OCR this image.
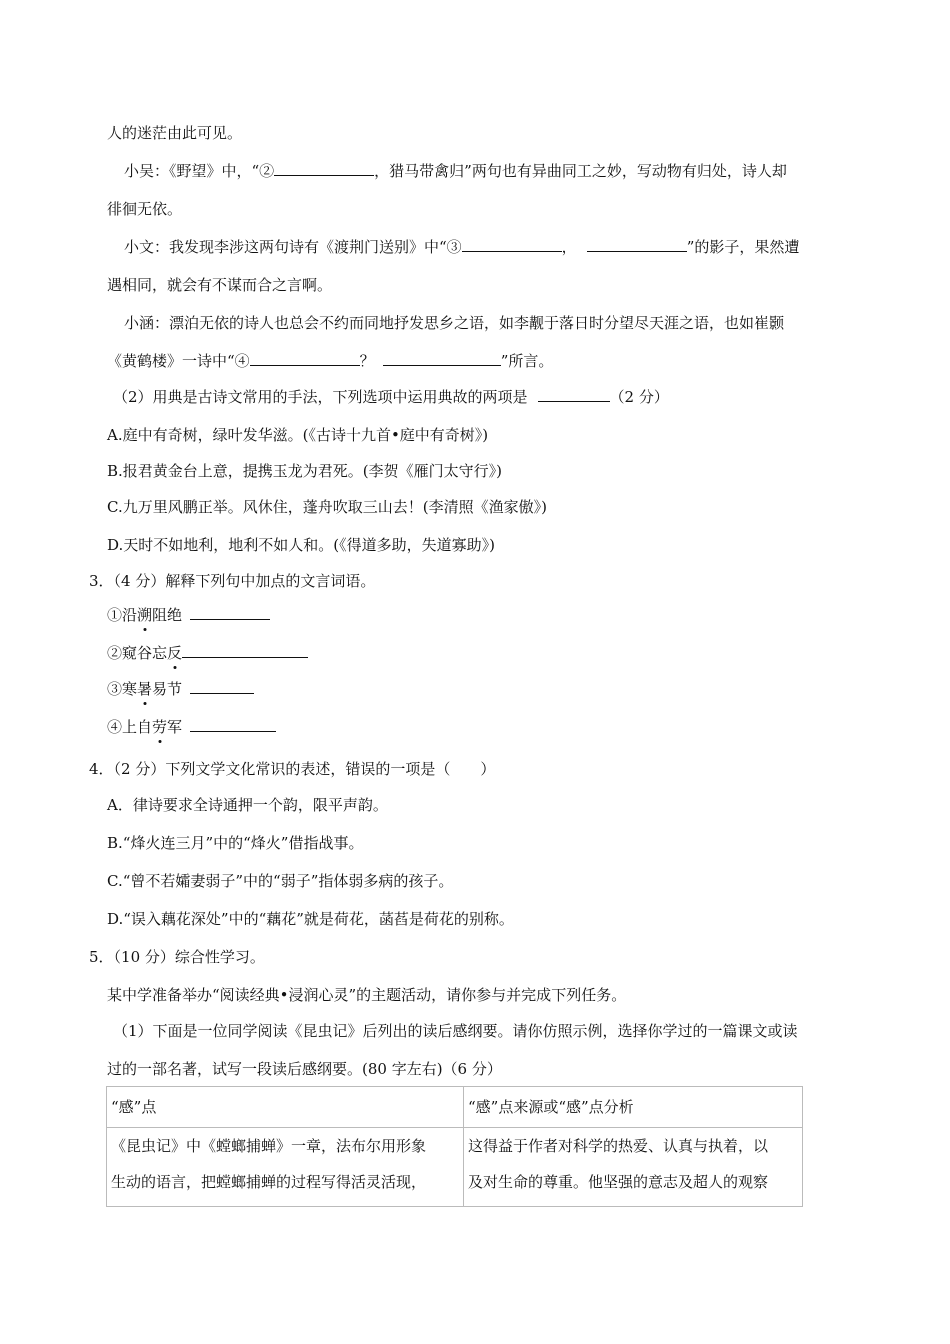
人的迷茫由此可见。
小吴：《野望》中，“②	，猎马带禽归”两句也有异曲同工之妙，写动物有归处，诗人却
徘徊无依。
小文：我发现李涉这两句诗有《渡荆门送别》中“③	，	”的影子，果然遭
遇相同，就会有不谋而合之言啊。
小涵：漂泊无依的诗人也总会不约而同地抒发思乡之语，如李觏于落日时分望尽天涯之语，也如崔颢
《黄鹤楼》一诗中“④	？	”所言。
（2）用典是古诗文常用的手法，下列选项中运用典故的两项是	（2 分）
A.庭中有奇树，绿叶发华滋。(《古诗十九首•庭中有奇树》)
B.报君黄金台上意，提携玉龙为君死。(李贺《雁门太守行》)
C.九万里风鹏正举。风休住，蓬舟吹取三山去！(李清照《渔家傲》)
D.天时不如地利，地利不如人和。(《得道多助，失道寡助》)
3．（4 分）解释下列句中加点的文言词语。
①沿溯阻绝
②窥谷忘反
③寒暑易节
④上自劳军
4．（2 分）下列文学文化常识的表述，错误的一项是（　　）
A．律诗要求全诗通押一个韵，限平声韵。
B.“烽火连三月”中的“烽火”借指战事。
C.“曾不若孀妻弱子”中的“弱子”指体弱多病的孩子。
D.“误入藕花深处”中的“藕花”就是荷花，菡萏是荷花的别称。
5．（10 分）综合性学习。
某中学准备举办“阅读经典•浸润心灵”的主题活动，请你参与并完成下列任务。
（1）下面是一位同学阅读《昆虫记》后列出的读后感纲要。请你仿照示例，选择你学过的一篇课文或读
过的一部名著，试写一段读后感纲要。(80 字左右)（6 分）
“感”点	“感”点来源或“感”点分析

《昆虫记》中《螳螂捕蝉》一章，法布尔用形象
生动的语言，把螳螂捕蝉的过程写得活灵活现，	这得益于作者对科学的热爱、认真与执着，以
及对生命的尊重。他坚强的意志及超人的观察
